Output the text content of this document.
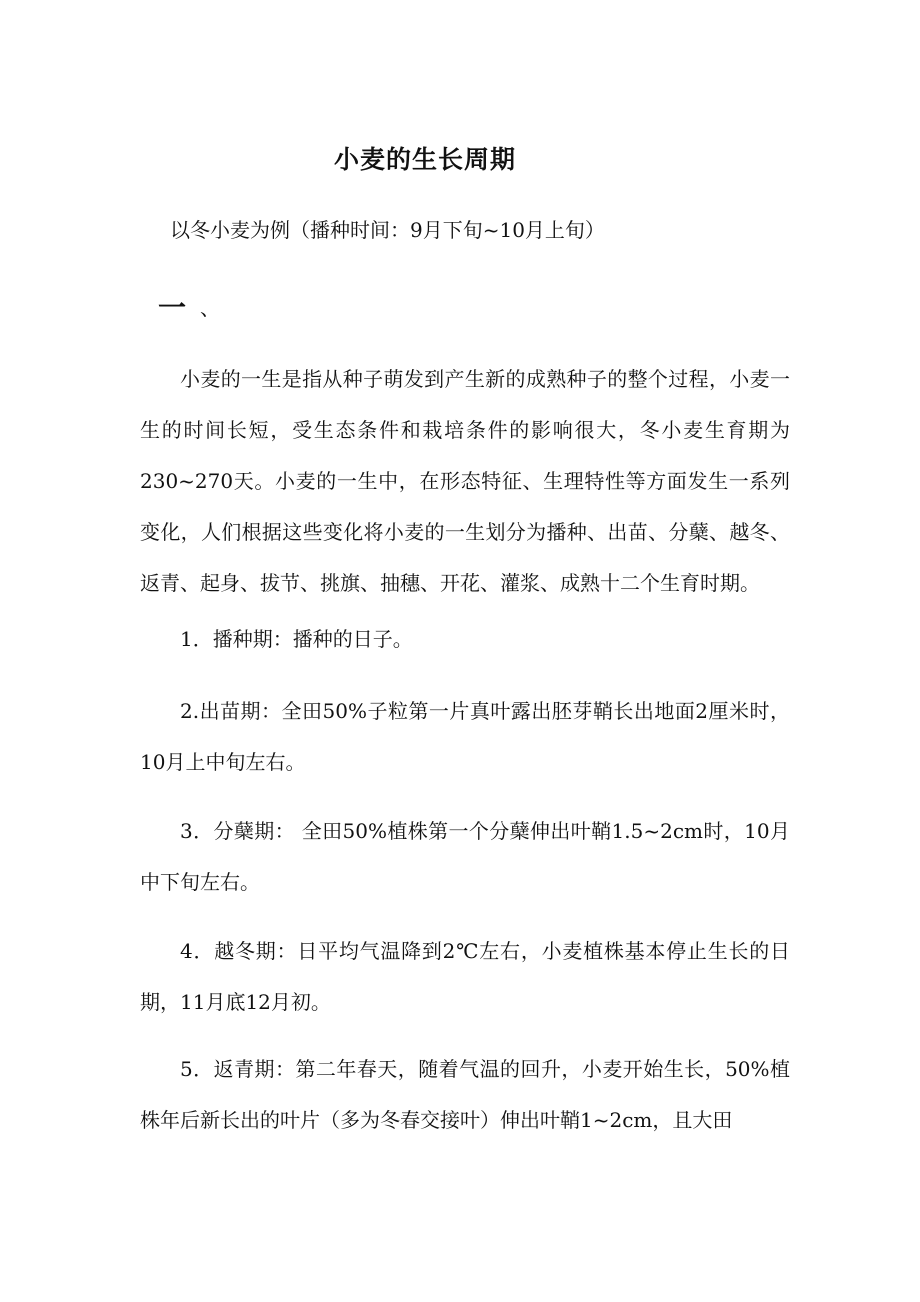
小麦的生长周期
以冬小麦为例（播种时间：9月下旬~10月上旬）
一 、

小麦的一生是指从种子萌发到产生新的成熟种子的整个过程，小麦一生的时间长短，受生态条件和栽培条件的影响很大，冬小麦生育期为230~270天。小麦的一生中，在形态特征、生理特性等方面发生一系列变化，人们根据这些变化将小麦的一生划分为播种、出苗、分蘖、越冬、返青、起身、拔节、挑旗、抽穗、开花、灌浆、成熟十二个生育时期。

1．播种期：播种的日子。

2.出苗期：全田50%子粒第一片真叶露出胚芽鞘长出地面2厘米时，10月上中旬左右。

3．分蘖期： 全田50%植株第一个分蘖伸出叶鞘1.5~2cm时，10月中下旬左右。

4．越冬期：日平均气温降到2℃左右，小麦植株基本停止生长的日期，11月底12月初。

5．返青期：第二年春天，随着气温的回升，小麦开始生长，50%植株年后新长出的叶片（多为冬春交接叶）伸出叶鞘1~2cm，且大田
